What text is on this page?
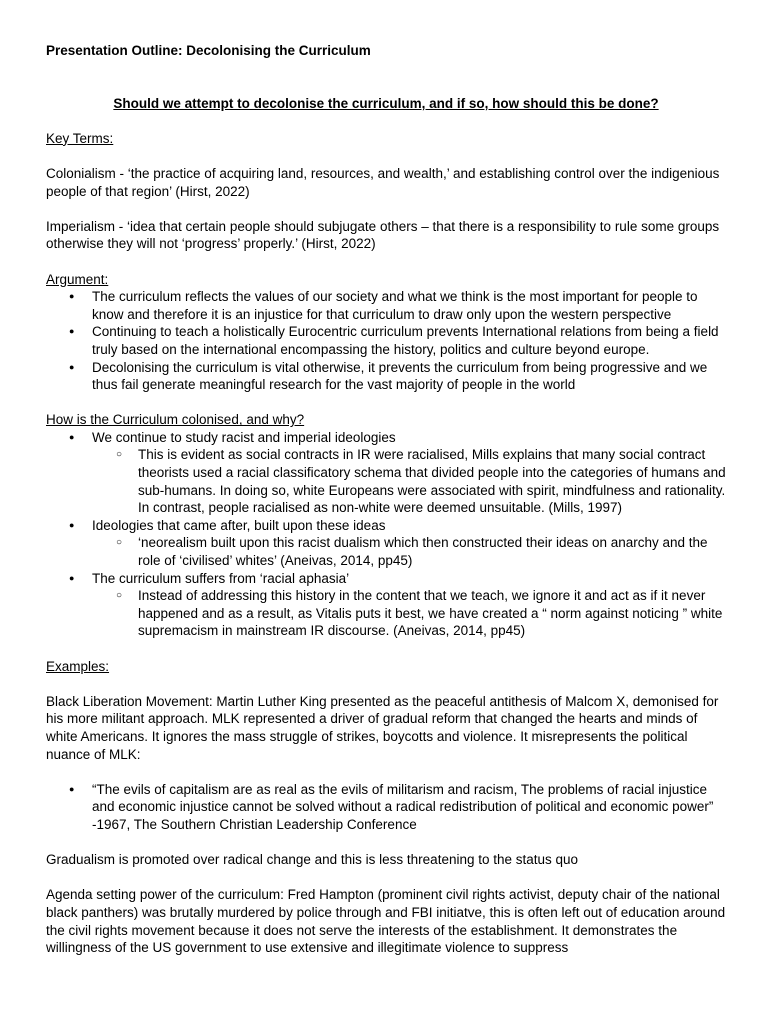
Presentation Outline: Decolonising the Curriculum

Should we attempt to decolonise the curriculum, and if so, how should this be done?

Key Terms:

Colonialism - ‘the practice of acquiring land, resources, and wealth,’ and establishing control over the indigenious people of that region’ (Hirst, 2022)

Imperialism - ‘idea that certain people should subjugate others – that there is a responsibility to rule some groups otherwise they will not ‘progress’ properly.’ (Hirst, 2022)

Argument:

● The curriculum reflects the values of our society and what we think is the most important for people to know and therefore it is an injustice for that curriculum to draw only upon the western perspective
● Continuing to teach a holistically Eurocentric curriculum prevents International relations from being a field truly based on the international encompassing the history, politics and culture beyond europe.
● Decolonising the curriculum is vital otherwise, it prevents the curriculum from being progressive and we thus fail generate meaningful research for the vast majority of people in the world

How is the Curriculum colonised, and why?

● We continue to study racist and imperial ideologies
○ This is evident as social contracts in IR were racialised, Mills explains that many social contract theorists used a racial classificatory schema that divided people into the categories of humans and sub-humans. In doing so, white Europeans were associated with spirit, mindfulness and rationality. In contrast, people racialised as non-white were deemed unsuitable. (Mills, 1997)
● Ideologies that came after, built upon these ideas
○ ‘neorealism built upon this racist dualism which then constructed their ideas on anarchy and the role of ‘civilised’ whites’ (Aneivas, 2014, pp45)
● The curriculum suffers from ‘racial aphasia’
○ Instead of addressing this history in the content that we teach, we ignore it and act as if it never happened and as a result, as Vitalis puts it best, we have created a “ norm against noticing ” white supremacism in mainstream IR discourse. (Aneivas, 2014, pp45)

Examples:

Black Liberation Movement: Martin Luther King presented as the peaceful antithesis of Malcom X, demonised for his more militant approach. MLK represented a driver of gradual reform that changed the hearts and minds of white Americans. It ignores the mass struggle of strikes, boycotts and violence. It misrepresents the political nuance of MLK:

● “The evils of capitalism are as real as the evils of militarism and racism, The problems of racial injustice and economic injustice cannot be solved without a radical redistribution of political and economic power” -1967, The Southern Christian Leadership Conference

Gradualism is promoted over radical change and this is less threatening to the status quo

Agenda setting power of the curriculum: Fred Hampton (prominent civil rights activist, deputy chair of the national black panthers) was brutally murdered by police through and FBI initiatve, this is often left out of education around the civil rights movement because it does not serve the interests of the establishment. It demonstrates the willingness of the US government to use extensive and illegitimate violence to suppress
